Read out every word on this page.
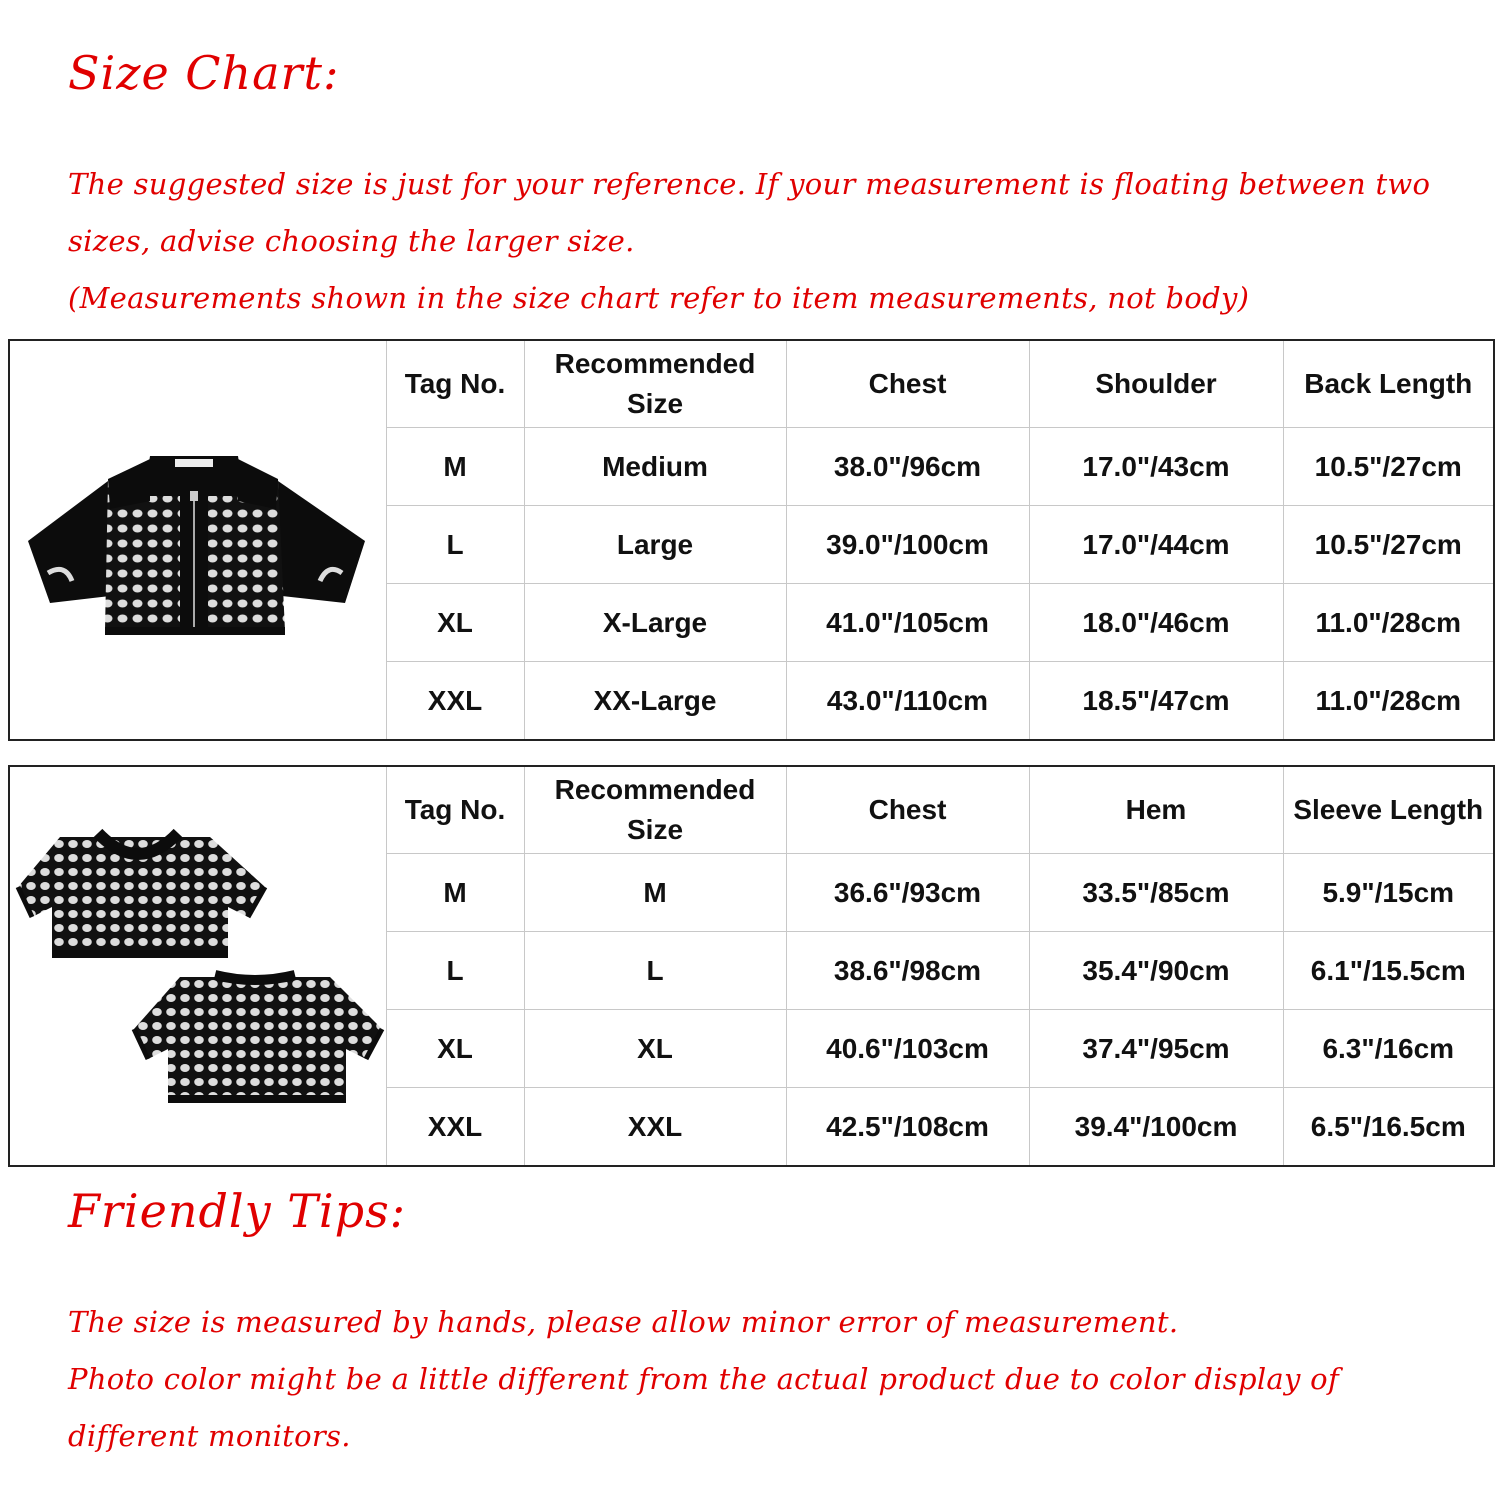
Size Chart:
The suggested size is just for your reference. If your measurement is floating between two
sizes, advise choosing the larger size.
(Measurements shown in the size chart refer to item measurements, not body)
	Tag No.	Recommended Size	Chest	Shoulder	Back Length
	M	Medium	38.0"/96cm	17.0"/43cm	10.5"/27cm
	L	Large	39.0"/100cm	17.0"/44cm	10.5"/27cm
	XL	X-Large	41.0"/105cm	18.0"/46cm	11.0"/28cm
	XXL	XX-Large	43.0"/110cm	18.5"/47cm	11.0"/28cm
	Tag No.	Recommended Size	Chest	Hem	Sleeve Length
	M	M	36.6"/93cm	33.5"/85cm	5.9"/15cm
	L	L	38.6"/98cm	35.4"/90cm	6.1"/15.5cm
	XL	XL	40.6"/103cm	37.4"/95cm	6.3"/16cm
	XXL	XXL	42.5"/108cm	39.4"/100cm	6.5"/16.5cm
Friendly Tips:
The size is measured by hands, please allow minor error of measurement.
Photo color might be a little different from the actual product due to color display of
different monitors.
